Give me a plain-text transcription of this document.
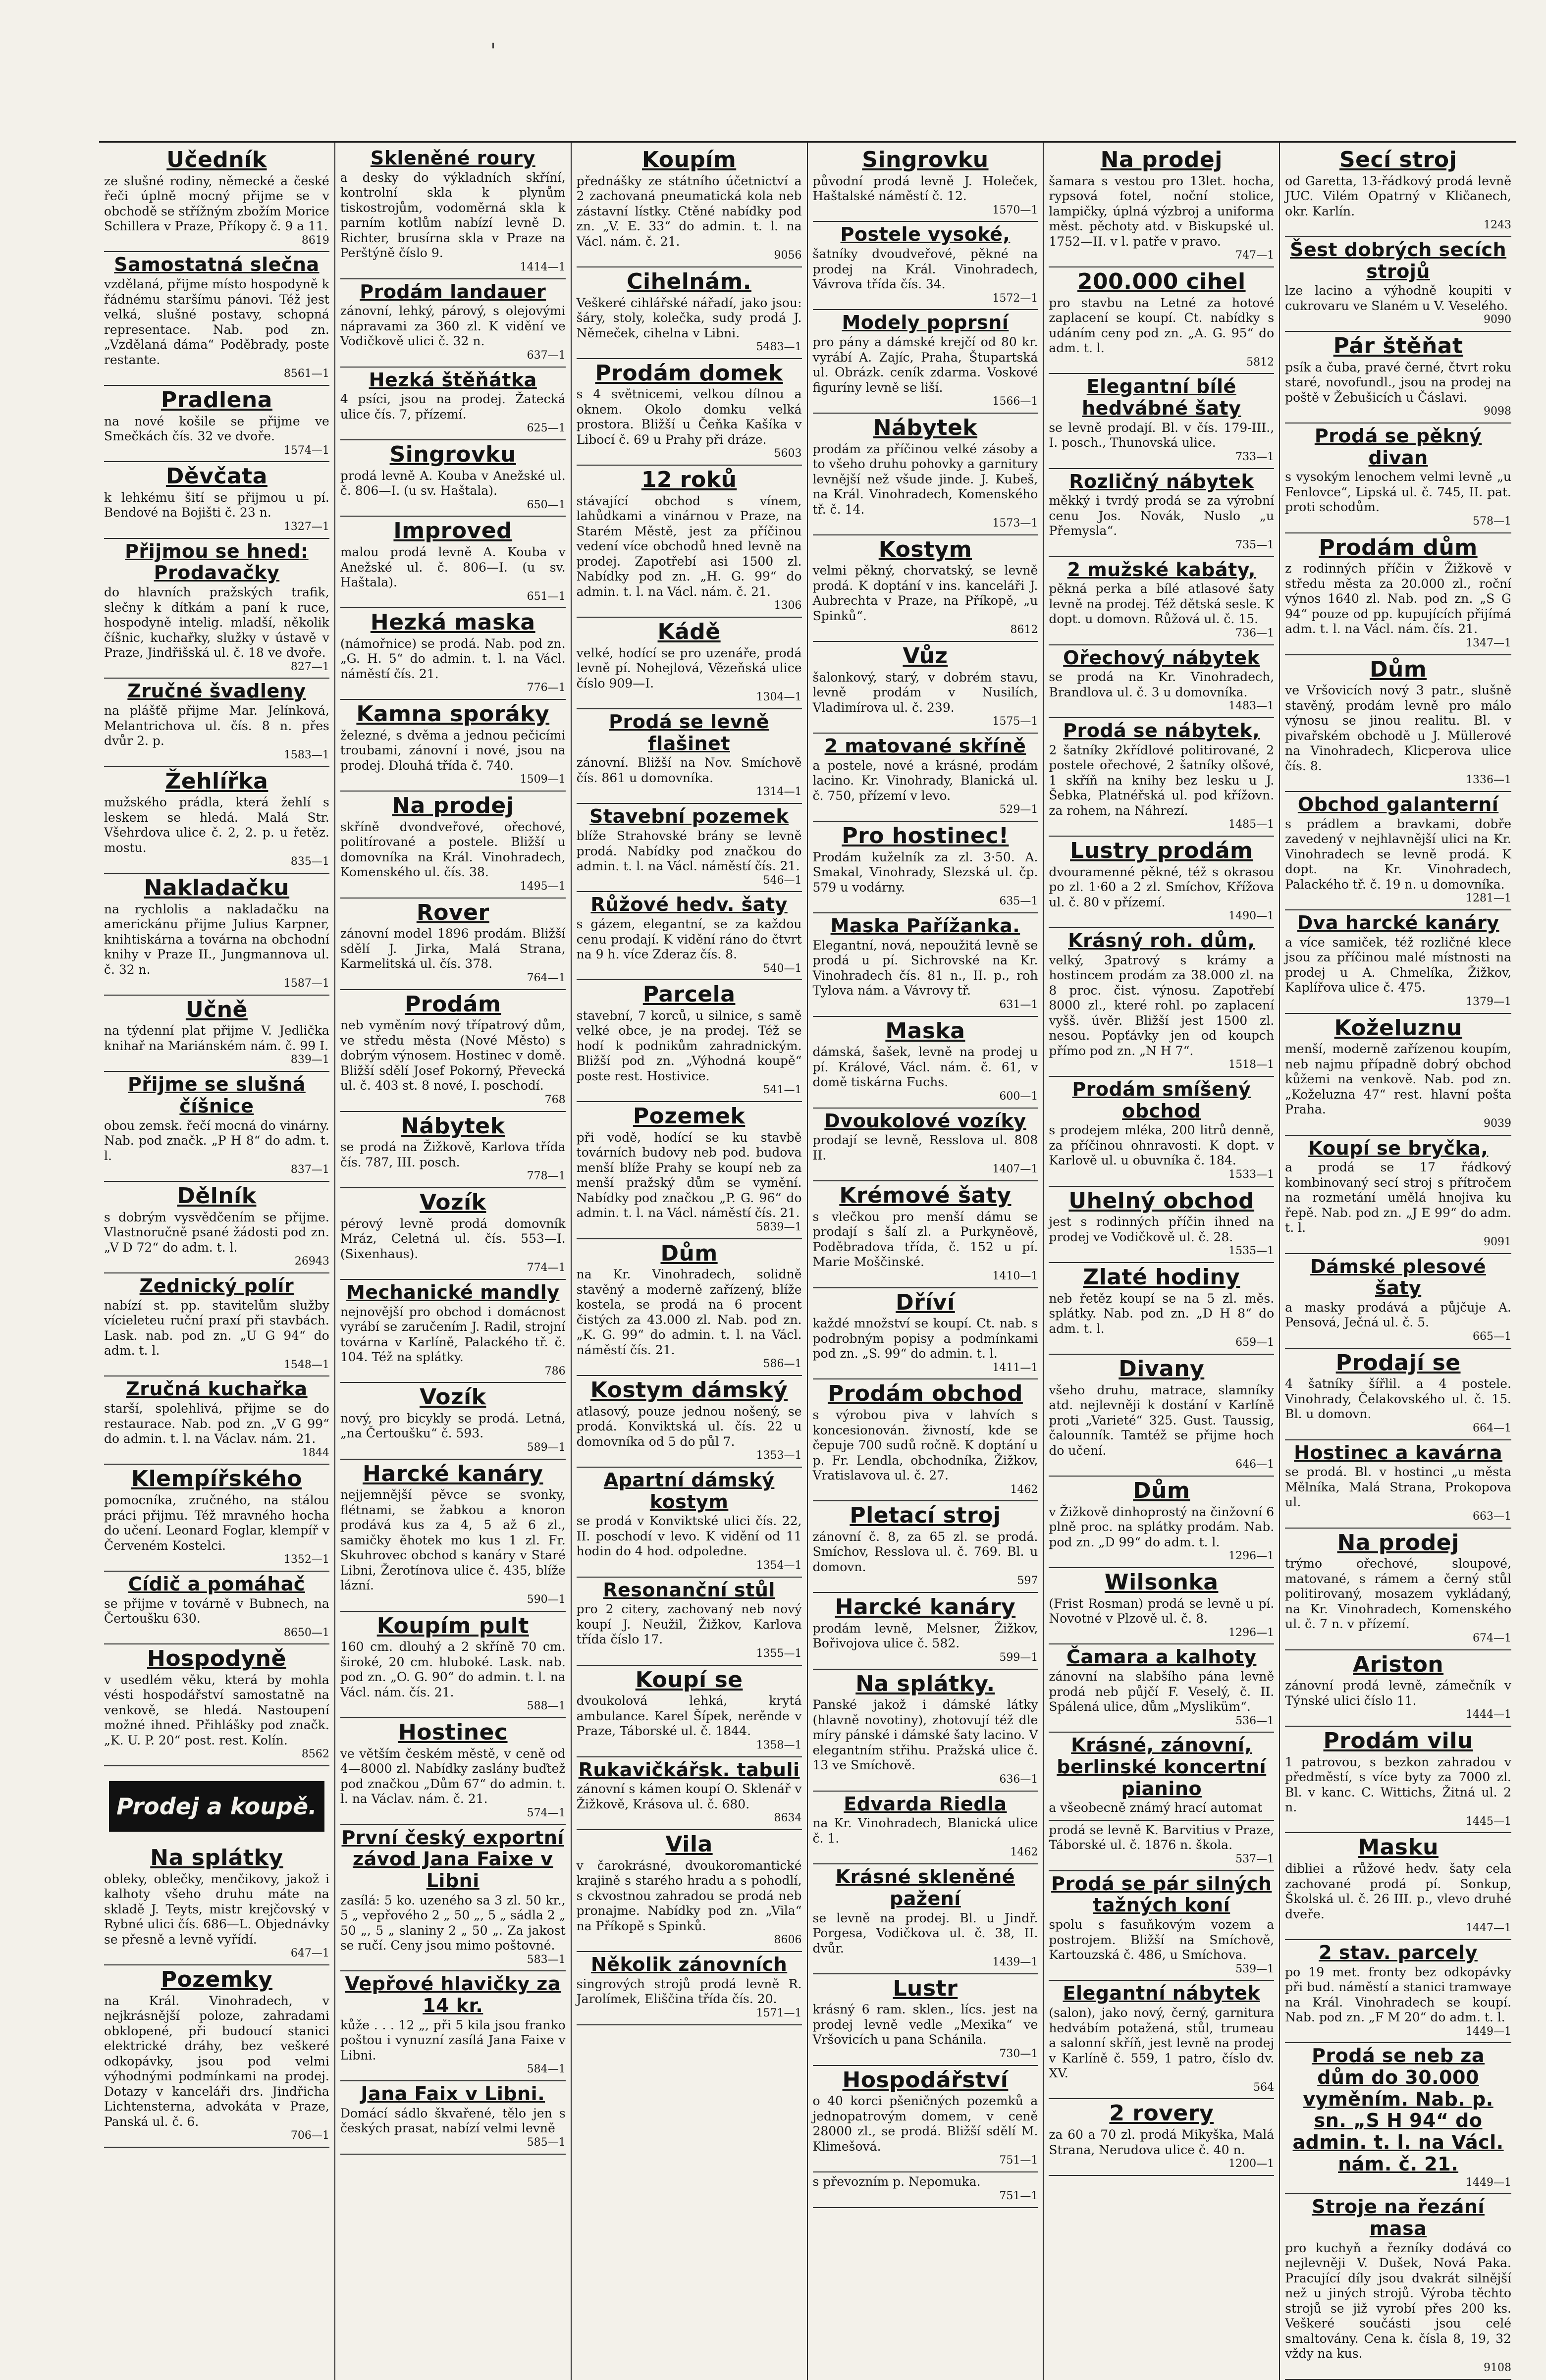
'
Učedník
ze slušné rodiny, německé a české řeči úplně mocný přijme se v obchodě se střížným zbožím Morice Schillera v Praze, Příkopy č. 9 a 11.
8619
Samostatná slečna
vzdělaná, přijme místo hospodyně k řádnému staršímu pánovi. Též jest velká, slušné postavy, schopná representace. Nab. pod zn. „Vzdělaná dáma“ Poděbrady, poste restante.
8561—1
Pradlena
na nové košile se přijme ve Smečkách čís. 32 ve dvoře.
1574—1
Děvčata
k lehkému šití se přijmou u pí. Bendové na Bojišti č. 23 n.
1327—1
Přijmou se hned: Prodavačky
do hlavních pražských trafik, slečny k dítkám a paní k ruce, hospodyně intelig. mladší, několik číšnic, kuchařky, služky v ústavě v Praze, Jindřišská ul. č. 18 ve dvoře.
827—1
Zručné švadleny
na plášťě přijme Mar. Jelínková, Melantrichova ul. čís. 8 n. přes dvůr 2. p.
1583—1
Žehlířka
mužského prádla, která žehlí s leskem se hledá. Malá Str. Všehrdova ulice č. 2, 2. p. u řetěz. mostu.
835—1
Nakladačku
na rychlolis a nakladačku na americkánu přijme Julius Karpner, knihtiskárna a továrna na obchodní knihy v Praze II., Jungmannova ul. č. 32 n.
1587—1
Učně
na týdenní plat přijme V. Jedlička knihař na Mariánském nám. č. 99 I.
839—1
Přijme se slušná číšnice
obou zemsk. řečí mocná do vinárny. Nab. pod značk. „P H 8“ do adm. t. l.
837—1
Dělník
s dobrým vysvědčením se přijme. Vlastnoručně psané žádosti pod zn. „V D 72“ do adm. t. l.
26943
Zednický polír
nabízí st. pp. stavitelům služby vícieleteu ruční praxí při stavbách. Lask. nab. pod zn. „U G 94“ do adm. t. l.
1548—1
Zručná kuchařka
starší, spolehlivá, přijme se do restaurace. Nab. pod zn. „V G 99“ do admin. t. l. na Václav. nám. 21.
1844
Klempířského
pomocníka, zručného, na stálou práci přijmu. Též mravného hocha do učení. Leonard Foglar, klempíř v Červeném Kostelci.
1352—1
Cídič a pomáhač
se přijme v továrně v Bubnech, na Čertoušku 630.
8650—1
Hospodyně
v usedlém věku, která by mohla vésti hospodářství samostatně na venkově, se hledá. Nastoupení možné ihned. Přihlášky pod značk. „K. U. P. 20“ post. rest. Kolín.
8562
Prodej a koupě.
Na splátky
obleky, oblečky, menčikovy, jakož i kalhoty všeho druhu máte na skladě J. Teyts, mistr krejčovský v Rybné ulici čís. 686—L. Objednávky se přesně a levně vyřídí.
647—1
Pozemky
na Král. Vinohradech, v nejkrásnější poloze, zahradami obklopené, při budoucí stanici elektrické dráhy, bez veškeré odkopávky, jsou pod velmi výhodnými podmínkami na prodej. Dotazy v kanceláři drs. Jindřicha Lichtensterna, advokáta v Praze, Panská ul. č. 6.
706—1
Skleněné roury
a desky do výkladních skříní, kontrolní skla k plynům tiskostrojům, vodoměrná skla k parním kotlům nabízí levně D. Richter, brusírna skla v Praze na Perštýně číslo 9.
1414—1
Prodám landauer
zánovní, lehký, párový, s olejovými nápravami za 360 zl. K vidění ve Vodičkově ulici č. 32 n.
637—1
Hezká štěňátka
4 psíci, jsou na prodej. Žatecká ulice čís. 7, přízemí.
625—1
Singrovku
prodá levně A. Kouba v Anežské ul. č. 806—I. (u sv. Haštala).
650—1
Improved
malou prodá levně A. Kouba v Anežské ul. č. 806—I. (u sv. Haštala).
651—1
Hezká maska
(námořnice) se prodá. Nab. pod zn. „G. H. 5“ do admin. t. l. na Václ. náměstí čís. 21.
776—1
Kamna sporáky
železné, s dvěma a jednou pečicími troubami, zánovní i nové, jsou na prodej. Dlouhá třída č. 740.
1509—1
Na prodej
skříně dvondveřové, ořechové, politírované a postele. Bližší u domovníka na Král. Vinohradech, Komenského ul. čís. 38.
1495—1
Rover
zánovní model 1896 prodám. Bližší sdělí J. Jirka, Malá Strana, Karmelitská ul. čís. 378.
764—1
Prodám
neb vyměním nový třípatrový dům, ve středu města (Nové Město) s dobrým výnosem. Hostinec v domě. Bližší sdělí Josef Pokorný, Převecká ul. č. 403 st. 8 nové, I. poschodí.
768
Nábytek
se prodá na Žižkově, Karlova třída čís. 787, III. posch.
778—1
Vozík
pérový levně prodá domovník Mráz, Celetná ul. čís. 553—I. (Sixenhaus).
774—1
Mechanické mandly
nejnovější pro obchod i domácnost vyrábí se zaručením J. Radil, strojní továrna v Karlíně, Palackého tř. č. 104. Též na splátky.
786
Vozík
nový, pro bicykly se prodá. Letná, „na Čertoušku“ č. 593.
589—1
Harcké kanáry
nejjemnější pěvce se svonky, flétnami, se žabkou a knoron prodává kus za 4, 5 až 6 zl., samičky ěhotek mo kus 1 zl. Fr. Skuhrovec obchod s kanáry v Staré Libni, Žerotínova ulice č. 435, blíže lázní.
590—1
Koupím pult
160 cm. dlouhý a 2 skříně 70 cm. široké, 20 cm. hluboké. Lask. nab. pod zn. „O. G. 90“ do admin. t. l. na Václ. nám. čís. 21.
588—1
Hostinec
ve větším českém městě, v ceně od 4—8000 zl. Nabídky zaslány buďtež pod značkou „Dům 67“ do admin. t. l. na Václav. nám. č. 21.
574—1
První český exportní závod Jana Faixe v Libni
zasílá: 5 ko. uzeného sa 3 zl. 50 kr., 5 „ vepřového 2 „ 50 „, 5 „ sádla 2 „ 50 „, 5 „ slaniny 2 „ 50 „. Za jakost se ručí. Ceny jsou mimo poštovné.
583—1
Vepřové hlavičky za 14 kr.
kůže . . . 12 „, při 5 kila jsou franko poštou i vynuzní zasílá Jana Faixe v Libni.
584—1
Jana Faix v Libni.
Domácí sádlo škvařené, tělo jen s českých prasat, nabízí velmi levně
585—1
Koupím
přednášky ze státního účetnictví a 2 zachovaná pneumatická kola neb zástavní lístky. Ctěné nabídky pod zn. „V. E. 33“ do admin. t. l. na Václ. nám. č. 21.
9056
Cihelnám.
Veškeré cihlářské nářadí, jako jsou: šáry, stoly, kolečka, sudy prodá J. Němeček, cihelna v Libni.
5483—1
Prodám domek
s 4 světnicemi, velkou dílnou a oknem. Okolo domku velká prostora. Bližší u Čeňka Kašíka v Libocí č. 69 u Prahy při dráze.
5603
12 roků
stávající obchod s vínem, lahůdkami a vinárnou v Praze, na Starém Městě, jest za příčinou vedení více obchodů hned levně na prodej. Zapotřebí asi 1500 zl. Nabídky pod zn. „H. G. 99“ do admin. t. l. na Václ. nám. č. 21.
1306
Kádě
velké, hodící se pro uzenáře, prodá levně pí. Nohejlová, Vězeňská ulice číslo 909—I.
1304—1
Prodá se levně flašinet
zánovní. Bližší na Nov. Smíchově čís. 861 u domovníka.
1314—1
Stavební pozemek
blíže Strahovské brány se levně prodá. Nabídky pod značkou do admin. t. l. na Václ. náměstí čís. 21.
546—1
Růžové hedv. šaty
s gázem, elegantní, se za každou cenu prodají. K vidění ráno do čtvrt na 9 h. více Zderaz čís. 8.
540—1
Parcela
stavební, 7 korců, u silnice, s samě velké obce, je na prodej. Též se hodí k podnikům zahradnickým. Bližší pod zn. „Výhodná koupě“ poste rest. Hostivice.
541—1
Pozemek
při vodě, hodící se ku stavbě továrních budovy neb pod. budova menší blíže Prahy se koupí neb za menší pražský dům se vymění. Nabídky pod značkou „P. G. 96“ do admin. t. l. na Václ. náměstí čís. 21.
5839—1
Dům
na Kr. Vinohradech, solidně stavěný a moderně zařízený, blíže kostela, se prodá na 6 procent čistých za 43.000 zl. Nab. pod zn. „K. G. 99“ do admin. t. l. na Václ. náměstí čís. 21.
586—1
Kostym dámský
atlasový, pouze jednou nošený, se prodá. Konviktská ul. čís. 22 u domovníka od 5 do půl 7.
1353—1
Apartní dámský kostym
se prodá v Konviktské ulici čís. 22, II. poschodí v levo. K vidění od 11 hodin do 4 hod. odpoledne.
1354—1
Resonanční stůl
pro 2 citery, zachovaný neb nový koupí J. Neužil, Žižkov, Karlova třída číslo 17.
1355—1
Koupí se
dvoukolová lehká, krytá ambulance. Karel Šípek, nerěnde v Praze, Táborské ul. č. 1844.
1358—1
Rukavičkářsk. tabuli
zánovní s kámen koupí O. Sklenář v Žižkově, Krásova ul. č. 680.
8634
Vila
v čarokrásné, dvoukoromantické krajině s starého hradu a s pohodlí, s ckvostnou zahradou se prodá neb pronajme. Nabídky pod zn. „Vila“ na Příkopě s Spinků.
8606
Několik zánovních
singrových strojů prodá levně R. Jarolímek, Eliščina třída čís. 20.
1571—1
Singrovku
původní prodá levně J. Holeček, Haštalské náměstí č. 12.
1570—1
Postele vysoké,
šatníky dvoudveřové, pěkné na prodej na Král. Vinohradech, Vávrova třída čís. 34.
1572—1
Modely poprsní
pro pány a dámské krejčí od 80 kr. vyrábí A. Zajíc, Praha, Štupartská ul. Obrázk. ceník zdarma. Voskové figuríny levně se liší.
1566—1
Nábytek
prodám za příčinou velké zásoby a to všeho druhu pohovky a garnitury levnější než všude jinde. J. Kubeš, na Král. Vinohradech, Komenského tř. č. 14.
1573—1
Kostym
velmi pěkný, chorvatský, se levně prodá. K doptání v ins. kanceláři J. Aubrechta v Praze, na Příkopě, „u Spinků“.
8612
Vůz
šalonkový, starý, v dobrém stavu, levně prodám v Nusilích, Vladimírova ul. č. 239.
1575—1
2 matované skříně
a postele, nové a krásné, prodám lacino. Kr. Vinohrady, Blanická ul. č. 750, přízemí v levo.
529—1
Pro hostinec!
Prodám kuželník za zl. 3·50. A. Smakal, Vinohrady, Slezská ul. čp. 579 u vodárny.
635—1
Maska Pařížanka.
Elegantní, nová, nepoužitá levně se prodá u pí. Sichrovské na Kr. Vinohradech čís. 81 n., II. p., roh Tylova nám. a Vávrovy tř.
631—1
Maska
dámská, šašek, levně na prodej u pí. Králové, Václ. nám. č. 61, v domě tiskárna Fuchs.
600—1
Dvoukolové vozíky
prodají se levně, Resslova ul. 808 II.
1407—1
Krémové šaty
s vlečkou pro menší dámu se prodají s šalí zl. a Purkyněově, Poděbradova třída, č. 152 u pí. Marie Moščinské.
1410—1
Dříví
každé množství se koupí. Ct. nab. s podrobným popisy a podmínkami pod zn. „S. 99“ do admin. t. l.
1411—1
Prodám obchod
s výrobou piva v lahvích s koncesionován. živností, kde se čepuje 700 sudů ročně. K doptání u p. Fr. Lendla, obchodníka, Žižkov, Vratislavova ul. č. 27.
1462
Pletací stroj
zánovní č. 8, za 65 zl. se prodá. Smíchov, Resslova ul. č. 769. Bl. u domovn.
597
Harcké kanáry
prodám levně, Melsner, Žižkov, Bořivojova ulice č. 582.
599—1
Na splátky.
Panské jakož i dámské látky (hlavně novotiny), zhotovují též dle míry pánské i dámské šaty lacino. V elegantním střihu. Pražská ulice č. 13 ve Smíchově.
636—1
Edvarda Riedla
na Kr. Vinohradech, Blanická ulice č. 1.
1462
Krásné skleněné pažení
se levně na prodej. Bl. u Jindř. Porgesa, Vodičkova ul. č. 38, II. dvůr.
1439—1
Lustr
krásný 6 ram. sklen., lícs. jest na prodej levně vedle „Mexika“ ve Vršovicích u pana Schánila.
730—1
Hospodářství
o 40 korci pšeničných pozemků a jednopatrovým domem, v ceně 28000 zl., se prodá. Bližší sdělí M. Klimešová.
751—1
s převozním p. Nepomuka.
751—1
Na prodej
šamara s vestou pro 13let. hocha, rypsová fotel, noční stolice, lampičky, úplná výzbroj a uniforma měst. pěchoty atd. v Biskupské ul. 1752—II. v l. patře v pravo.
747—1
200.000 cihel
pro stavbu na Letné za hotové zaplacení se koupí. Ct. nabídky s udáním ceny pod zn. „A. G. 95“ do adm. t. l.
5812
Elegantní bílé hedvábné šaty
se levně prodají. Bl. v čís. 179-III., I. posch., Thunovská ulice.
733—1
Rozličný nábytek
měkký i tvrdý prodá se za výrobní cenu Jos. Novák, Nuslo „u Přemysla“.
735—1
2 mužské kabáty,
pěkná perka a bílé atlasové šaty levně na prodej. Též dětská sesle. K dopt. u domovn. Růžová ul. č. 15.
736—1
Ořechový nábytek
se prodá na Kr. Vinohradech, Brandlova ul. č. 3 u domovníka.
1483—1
Prodá se nábytek,
2 šatníky 2křídlové politirované, 2 postele ořechové, 2 šatníky olšové, 1 skříň na knihy bez lesku u J. Šebka, Platnéřská ul. pod křížovn. za rohem, na Náhrezí.
1485—1
Lustry prodám
dvouramenné pěkné, též s okrasou po zl. 1·60 a 2 zl. Smíchov, Křížova ul. č. 80 v přízemí.
1490—1
Krásný roh. dům,
velký, 3patrový s krámy a hostincem prodám za 38.000 zl. na 8 proc. čist. výnosu. Zapotřebí 8000 zl., které rohl. po zaplacení vyšš. úvěr. Bližší jest 1500 zl. nesou. Popťávky jen od koupch přímo pod zn. „N H 7“.
1518—1
Prodám smíšený obchod
s prodejem mléka, 200 litrů denně, za příčinou ohnravosti. K dopt. v Karlově ul. u obuvníka č. 184.
1533—1
Uhelný obchod
jest s rodinných příčin ihned na prodej ve Vodičkově ul. č. 28.
1535—1
Zlaté hodiny
neb řetěz koupí se na 5 zl. měs. splátky. Nab. pod zn. „D H 8“ do adm. t. l.
659—1
Divany
všeho druhu, matrace, slamníky atd. nejlevněji k dostání v Karlíně proti „Varieté“ 325. Gust. Taussig, čalounník. Tamtéž se přijme hoch do učení.
646—1
Dům
v Žižkově dinhoprostý na činžovní 6 plně proc. na splátky prodám. Nab. pod zn. „D 99“ do adm. t. l.
1296—1
Wilsonka
(Frist Rosman) prodá se levně u pí. Novotné v Plzově ul. č. 8.
1296—1
Čamara a kalhoty
zánovní na slabšího pána levně prodá neb půjčí F. Veselý, č. II. Spálená ulice, dům „Mysliküm“.
536—1
Krásné, zánovní, berlinské koncertní pianino
a všeobecně známý hrací automat
prodá se levně K. Barvitius v Praze, Táborské ul. č. 1876 n. škola.
537—1
Prodá se pár silných tažných koní
spolu s fasuňkovým vozem a postrojem. Bližší na Smíchově, Kartouzská č. 486, u Smíchova.
539—1
Elegantní nábytek
(salon), jako nový, černý, garnitura hedvábím potažená, stůl, trumeau a salonní skříň, jest levně na prodej v Karlíně č. 559, 1 patro, číslo dv. XV.
564
2 rovery
za 60 a 70 zl. prodá Mikyška, Malá Strana, Nerudova ulice č. 40 n.
1200—1
Secí stroj
od Garetta, 13-řádkový prodá levně JUC. Vilém Opatrný v Kličanech, okr. Karlín.
1243
Šest dobrých secích strojů
lze lacino a výhodně koupiti v cukrovaru ve Slaném u V. Veselého.
9090
Pár štěňat
psík a čuba, pravé černé, čtvrt roku staré, novofundl., jsou na prodej na poště v Žebušicích u Čáslavi.
9098
Prodá se pěkný divan
s vysokým lenochem velmi levně „u Fenlovce“, Lipská ul. č. 745, II. pat. proti schodům.
578—1
Prodám dům
z rodinných příčin v Žižkově v středu města za 20.000 zl., roční výnos 1640 zl. Nab. pod zn. „S G 94“ pouze od pp. kupujících přijímá adm. t. l. na Václ. nám. čís. 21.
1347—1
Dům
ve Vršovicích nový 3 patr., slušně stavěný, prodám levně pro málo výnosu se jinou realitu. Bl. v pivařském obchodě u J. Müllerové na Vinohradech, Klicperova ulice čís. 8.
1336—1
Obchod galanterní
s prádlem a bravkami, dobře zavedený v nejhlavnější ulici na Kr. Vinohradech se levně prodá. K dopt. na Kr. Vinohradech, Palackého tř. č. 19 n. u domovníka.
1281—1
Dva harcké kanáry
a více samiček, též rozličné klece jsou za příčinou malé místnosti na prodej u A. Chmelíka, Žižkov, Kaplířova ulice č. 475.
1379—1
Koželuznu
menší, moderně zařízenou koupím, neb najmu případně dobrý obchod kůžemi na venkově. Nab. pod zn. „Koželuzna 47“ rest. hlavní pošta Praha.
9039
Koupí se bryčka,
a prodá se 17 řádkový kombinovaný secí stroj s přítročem na rozmetání umělá hnojiva ku řepě. Nab. pod zn. „J E 99“ do adm. t. l.
9091
Dámské plesové šaty
a masky prodává a půjčuje A. Pensová, Ječná ul. č. 5.
665—1
Prodají se
4 šatníky šířlil. a 4 postele. Vinohrady, Čelakovského ul. č. 15. Bl. u domovn.
664—1
Hostinec a kavárna
se prodá. Bl. v hostinci „u města Mělníka, Malá Strana, Prokopova ul.
663—1
Na prodej
trýmo ořechové, sloupové, matované, s rámem a černý stůl politirovaný, mosazem vykládaný, na Kr. Vinohradech, Komenského ul. č. 7 n. v přízemí.
674—1
Ariston
zánovní prodá levně, zámečník v Týnské ulici číslo 11.
1444—1
Prodám vilu
1 patrovou, s bezkon zahradou v předměstí, s více byty za 7000 zl. Bl. v kanc. C. Wittichs, Žitná ul. 2 n.
1445—1
Masku
dibliei a růžové hedv. šaty cela zachované prodá pí. Sonkup, Školská ul. č. 26 III. p., vlevo druhé dveře.
1447—1
2 stav. parcely
po 19 met. fronty bez odkopávky při bud. náměstí a stanici tramwaye na Král. Vinohradech se koupí. Nab. pod zn. „F M 20“ do adm. t. l.
1449—1
Prodá se neb za dům do 30.000 vyměním. Nab. p. sn. „S H 94“ do admin. t. l. na Václ. nám. č. 21.
1449—1
Stroje na řezání masa
pro kuchyň a řezníky dodává co nejlevněji V. Dušek, Nová Paka. Pracující díly jsou dvakrát silnější než u jiných strojů. Výroba těchto strojů se již vyrobí přes 200 ks. Veškeré součásti jsou celé smaltovány. Cena k. čísla 8, 19, 32 vždy na kus.
9108
